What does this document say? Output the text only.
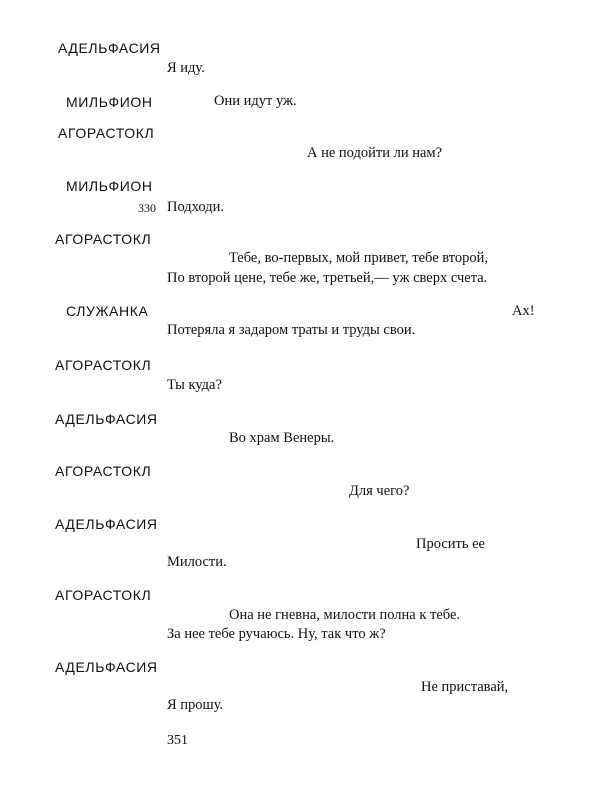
АДЕЛЬФАСИЯ
Я иду.
МИЛЬФИОН	Они идут уж.
АГОРАСТОКЛ
А не подойти ли нам?
МИЛЬФИОН
330 Подходи.
АГОРАСТОКЛ
Тебе, во-первых, мой привет, тебе второй,
По второй цене, тебе же, третьей,— уж сверх счета.
СЛУЖАНКА	Ах!
Потеряла я задаром траты и труды свои.
АГОРАСТОКЛ
Ты куда?
АДЕЛЬФАСИЯ
Во храм Венеры.
АГОРАСТОКЛ
Для чего?
АДЕЛЬФАСИЯ
Просить ее
Милости.
АГОРАСТОКЛ
Она не гневна, милости полна к тебе.
За нее тебе ручаюсь. Ну, так что ж?
АДЕЛЬФАСИЯ
Не приставай,
Я прошу.
351
